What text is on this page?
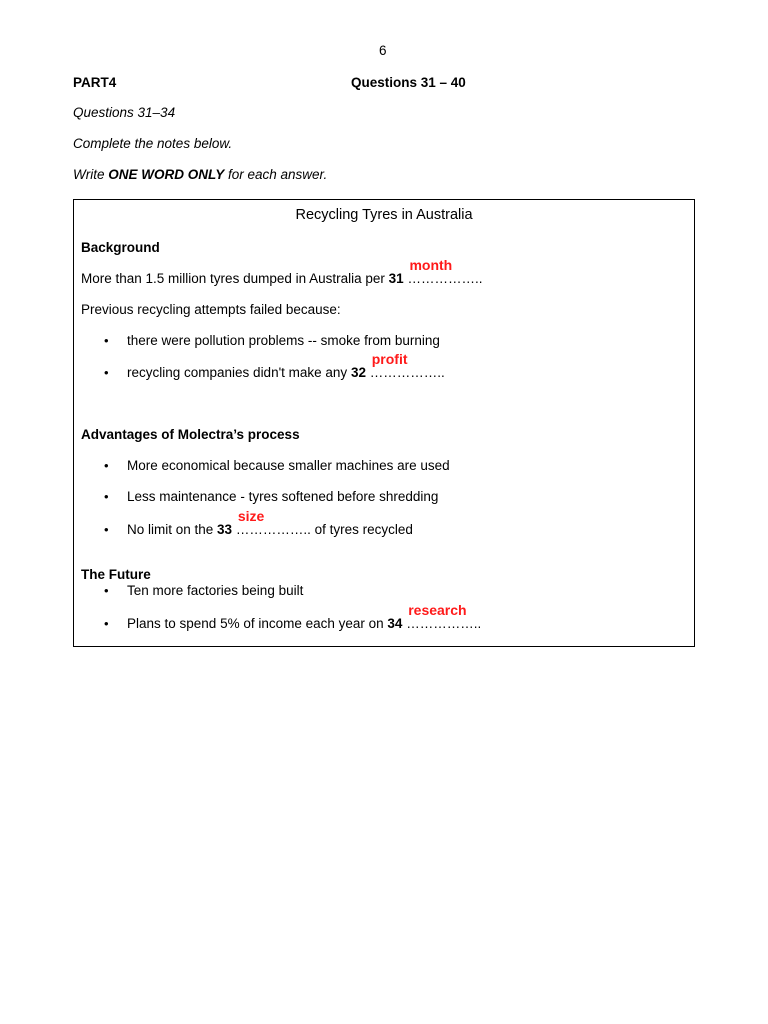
6
PART4	Questions 31 – 40
Questions 31–34
Complete the notes below.
Write ONE WORD ONLY for each answer.
Recycling Tyres in Australia
Background
More than 1.5 million tyres dumped in Australia per 31 ……………..
month
Previous recycling attempts failed because:
• there were pollution problems -- smoke from burning
• recycling companies didn't make any 32 ……………..
profit
Advantages of Molectra’s process
• More economical because smaller machines are used
• Less maintenance - tyres softened before shredding
• No limit on the 33 ……………..
size
of tyres recycled
The Future
• Ten more factories being built
• Plans to spend 5% of income each year on 34 ……………..
research
